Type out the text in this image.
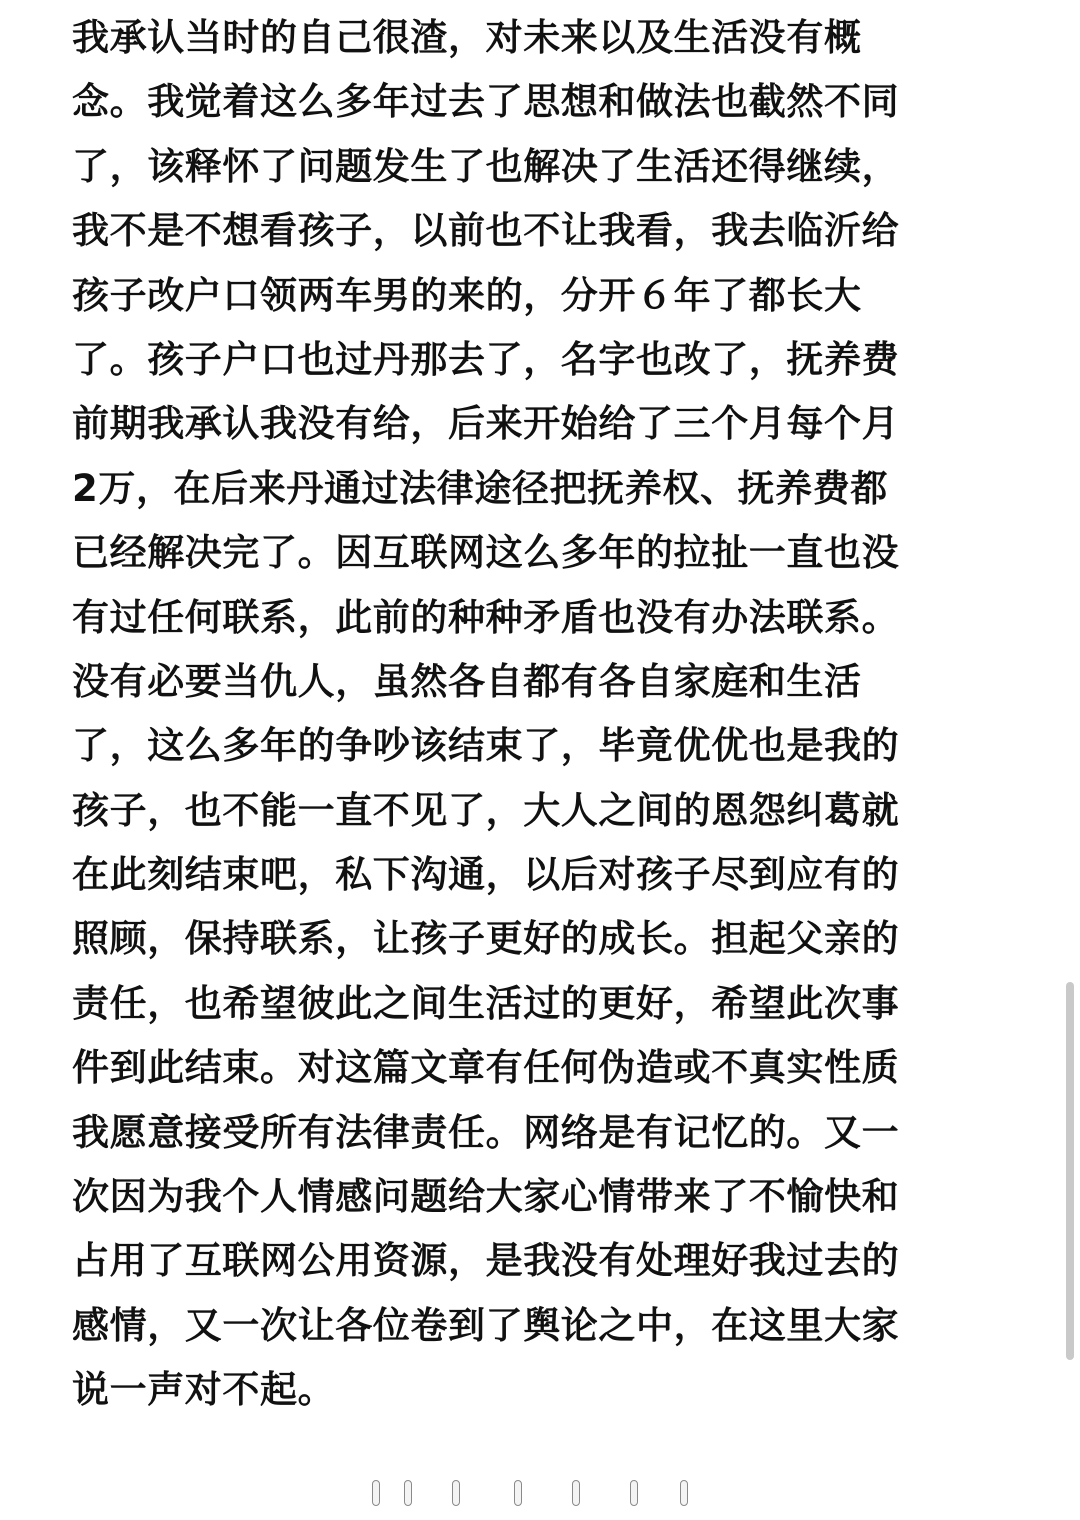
我承认当时的自己很渣，对未来以及生活没有概
念。我觉着这么多年过去了思想和做法也截然不同
了，该释怀了问题发生了也解决了生活还得继续，
我不是不想看孩子，以前也不让我看，我去临沂给
孩子改户口领两车男的来的，分开６年了都长大
了。孩子户口也过丹那去了，名字也改了，抚养费
前期我承认我没有给，后来开始给了三个月每个月
2万，在后来丹通过法律途径把抚养权、抚养费都
已经解决完了。因互联网这么多年的拉扯一直也没
有过任何联系，此前的种种矛盾也没有办法联系。
没有必要当仇人，虽然各自都有各自家庭和生活
了，这么多年的争吵该结束了，毕竟优优也是我的
孩子，也不能一直不见了，大人之间的恩怨纠葛就
在此刻结束吧，私下沟通，以后对孩子尽到应有的
照顾，保持联系，让孩子更好的成长。担起父亲的
责任，也希望彼此之间生活过的更好，希望此次事
件到此结束。对这篇文章有任何伪造或不真实性质
我愿意接受所有法律责任。网络是有记忆的。又一
次因为我个人情感问题给大家心情带来了不愉快和
占用了互联网公用资源，是我没有处理好我过去的
感情，又一次让各位卷到了舆论之中，在这里大家
说一声对不起。
